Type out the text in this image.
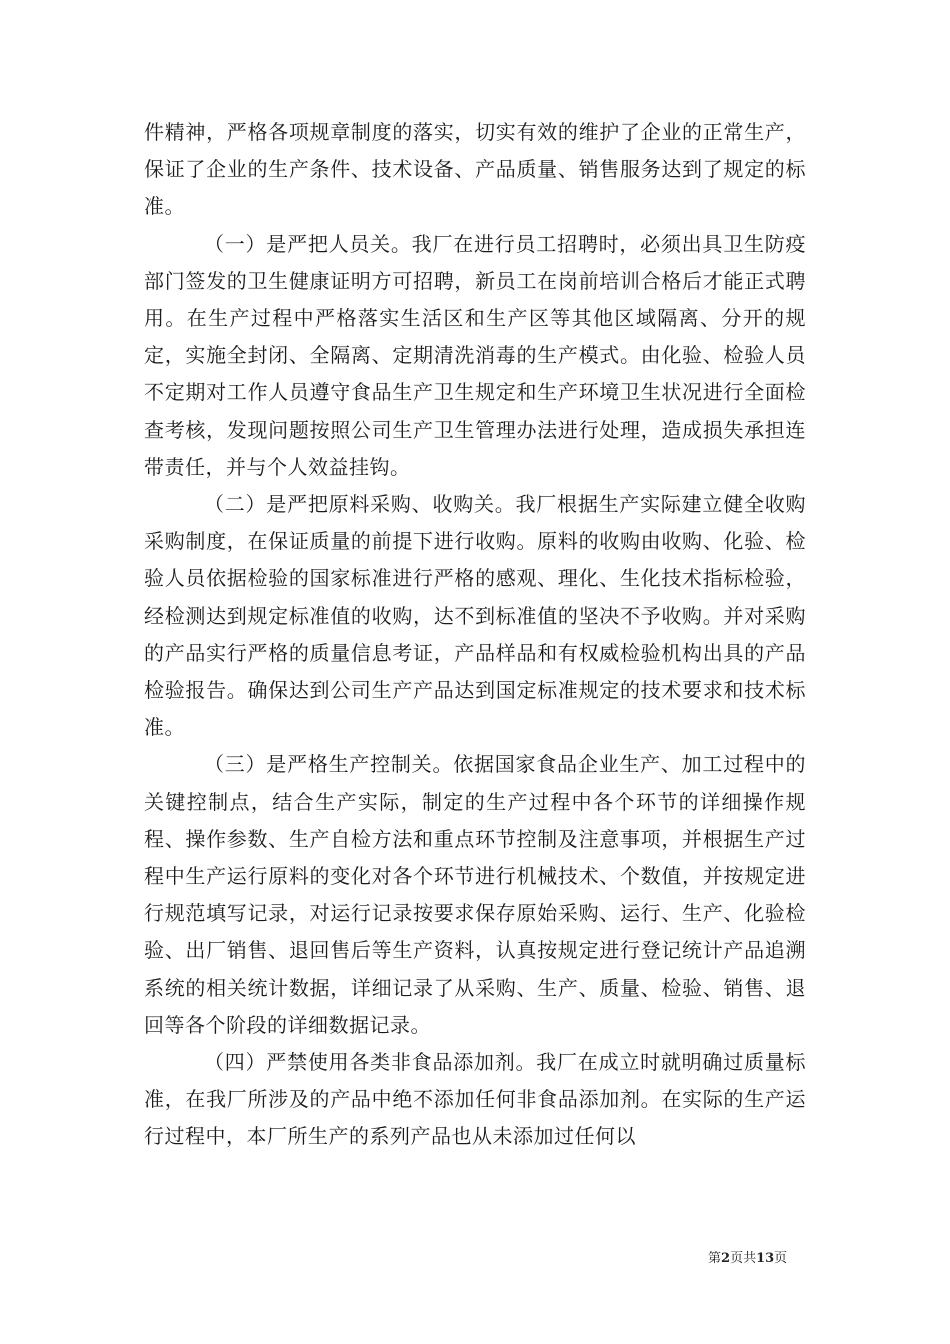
件精神，严格各项规章制度的落实，切实有效的维护了企业的正常生产，保证了企业的生产条件、技术设备、产品质量、销售服务达到了规定的标准。

（一）是严把人员关。我厂在进行员工招聘时，必须出具卫生防疫部门签发的卫生健康证明方可招聘，新员工在岗前培训合格后才能正式聘用。在生产过程中严格落实生活区和生产区等其他区域隔离、分开的规定，实施全封闭、全隔离、定期清洗消毒的生产模式。由化验、检验人员不定期对工作人员遵守食品生产卫生规定和生产环境卫生状况进行全面检查考核，发现问题按照公司生产卫生管理办法进行处理，造成损失承担连带责任，并与个人效益挂钩。

（二）是严把原料采购、收购关。我厂根据生产实际建立健全收购采购制度，在保证质量的前提下进行收购。原料的收购由收购、化验、检验人员依据检验的国家标准进行严格的感观、理化、生化技术指标检验，经检测达到规定标准值的收购，达不到标准值的坚决不予收购。并对采购的产品实行严格的质量信息考证，产品样品和有权威检验机构出具的产品检验报告。确保达到公司生产产品达到国定标准规定的技术要求和技术标准。

（三）是严格生产控制关。依据国家食品企业生产、加工过程中的关键控制点，结合生产实际，制定的生产过程中各个环节的详细操作规程、操作参数、生产自检方法和重点环节控制及注意事项，并根据生产过程中生产运行原料的变化对各个环节进行机械技术、个数值，并按规定进行规范填写记录，对运行记录按要求保存原始采购、运行、生产、化验检验、出厂销售、退回售后等生产资料，认真按规定进行登记统计产品追溯系统的相关统计数据，详细记录了从采购、生产、质量、检验、销售、退回等各个阶段的详细数据记录。

（四）严禁使用各类非食品添加剂。我厂在成立时就明确过质量标准，在我厂所涉及的产品中绝不添加任何非食品添加剂。在实际的生产运行过程中，本厂所生产的系列产品也从未添加过任何以

第2页共13页
